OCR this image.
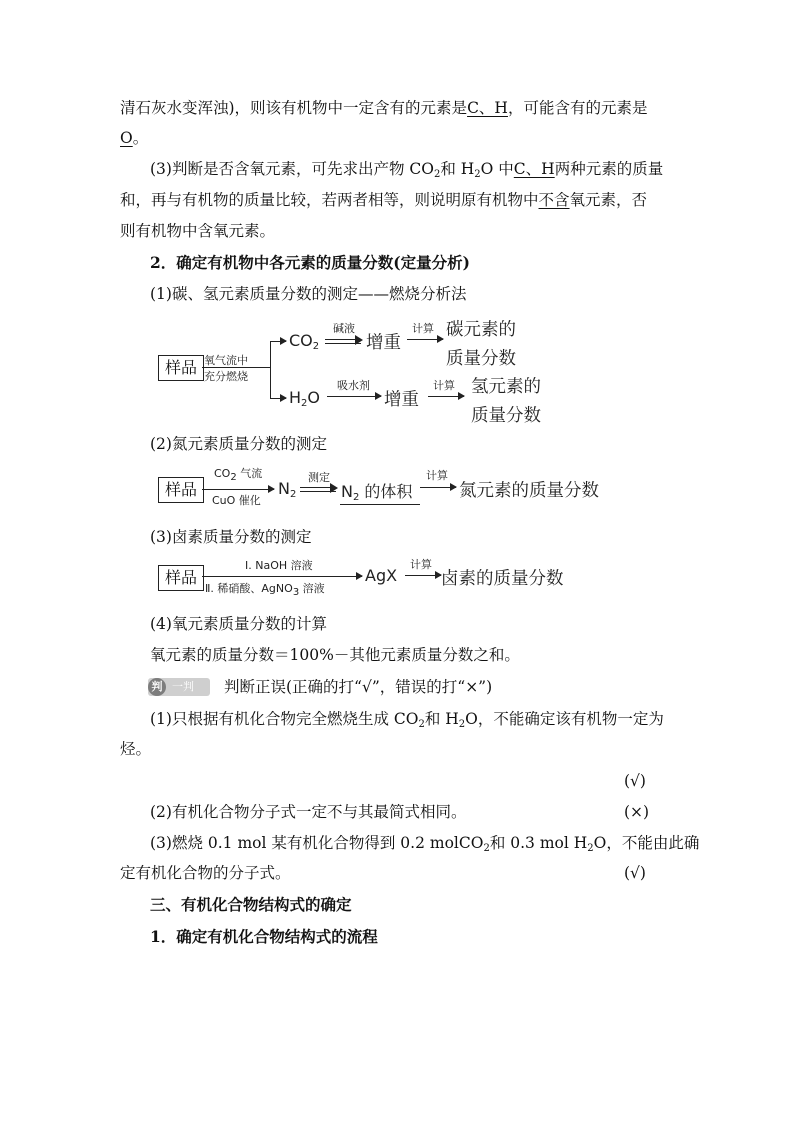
清石灰水变浑浊)，则该有机物中一定含有的元素是C、H，可能含有的元素是
O。
(3)判断是否含氧元素，可先求出产物 $CO_2$和 $H_2O$ 中C、H两种元素的质量
和，再与有机物的质量比较，若两者相等，则说明原有机物中不含氧元素，否
则有机物中含氧元素。
2．确定有机物中各元素的质量分数(定量分析)
(1)碳、氢元素质量分数的测定——燃烧分析法
样品 氧气流中
充分燃烧
$CO_2$
碱液
增重
计算 碳元素的
质量分数
$H_2O$
吸水剂
增重
计算 氢元素的
质量分数
(2)氮元素质量分数的测定
样品
$CO_2$ 气流
CuO 催化
$N_2$
测定
$N_2$ 的体积
计算
氮元素的质量分数
(3)卤素质量分数的测定
样品
Ⅰ. NaOH 溶液
Ⅱ. 稀硝酸、AgNO$_3$ 溶液
AgX
计算
卤素的质量分数
(4)氧元素质量分数的计算
氧元素的质量分数＝100%－其他元素质量分数之和。
判 一判 判断正误(正确的打“√”，错误的打“×”)
(1)只根据有机化合物完全燃烧生成 $CO_2$和 $H_2O$，不能确定该有机物一定为
烃。
(√)
(2)有机化合物分子式一定不与其最简式相同。	(×)
(3)燃烧 0.1 mol 某有机化合物得到 0.2 molCO$_2$和 0.3 mol $H_2O$，不能由此确
定有机化合物的分子式。	(√)
三、有机化合物结构式的确定
1．确定有机化合物结构式的流程
